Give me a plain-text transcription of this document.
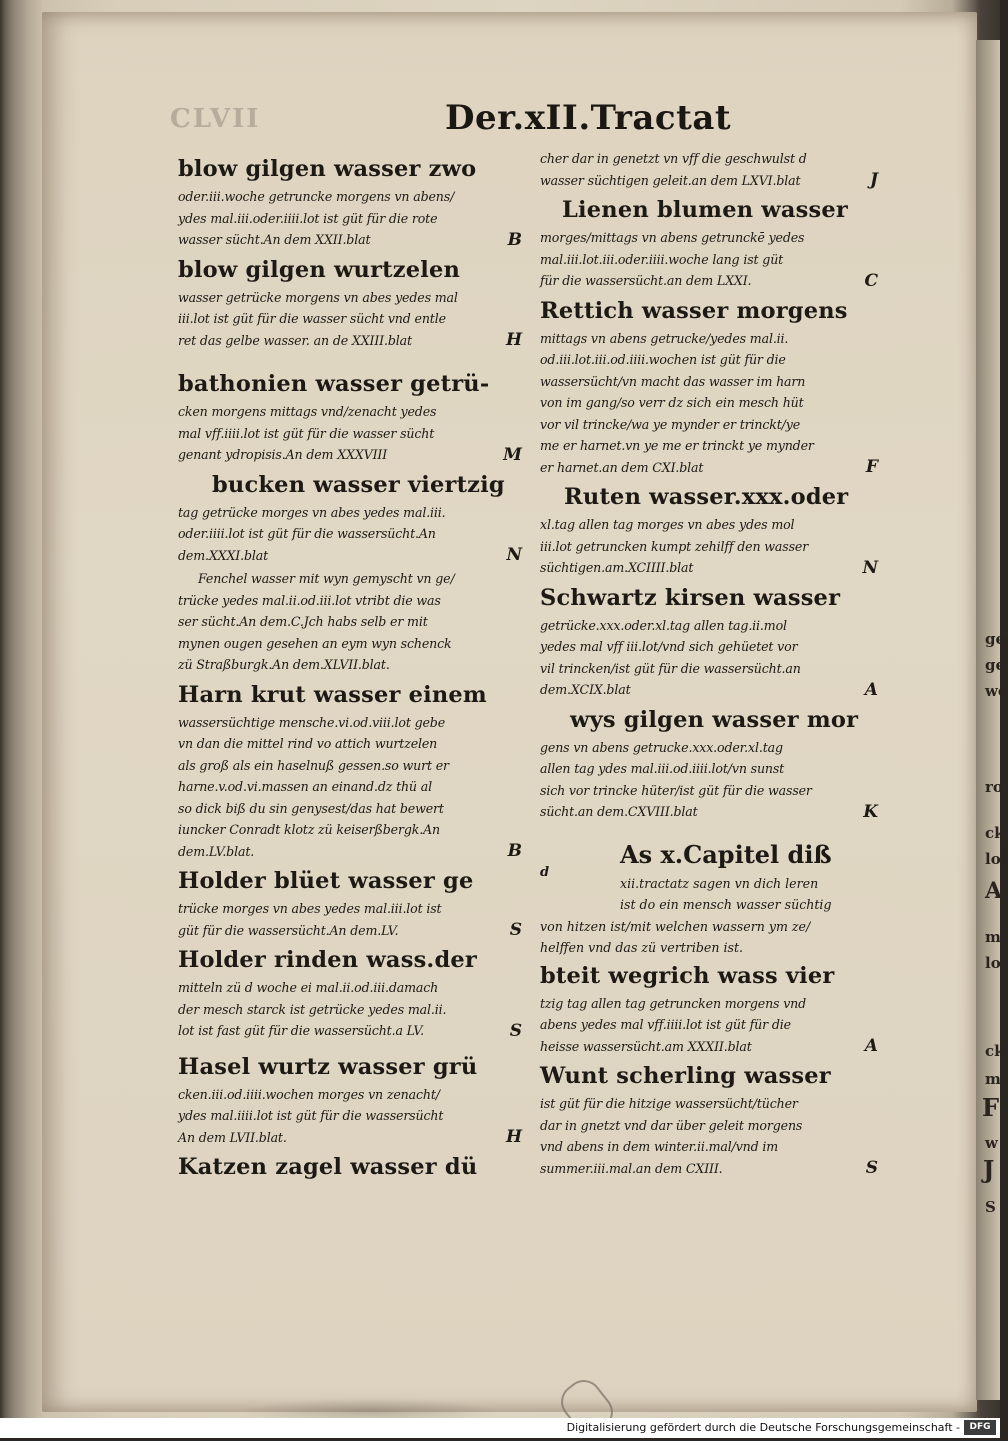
CLVII	Der.xII.Tractat
blow gilgen wasser zwo
oder.iii.woche getruncke morgens vn abens/
ydes mal.iii.oder.iiii.lot ist güt für die rote
wasser sücht.An dem XXII.blat	B
blow gilgen wurtzelen
wasser getrücke morgens vn abes yedes mal
iii.lot ist güt für die wasser sücht vnd entle
ret das gelbe wasser. an de XXIII.blat	H
bathonien wasser getrü-
cken morgens mittags vnd/zenacht yedes
mal vff.iiii.lot ist güt für die wasser sücht
genant ydropisis.An dem XXXVIII	M
bucken wasser viertzig
tag getrücke morges vn abes yedes mal.iii.
oder.iiii.lot ist güt für die wassersücht.An
dem.XXXI.blat	N
Fenchel wasser mit wyn gemyscht vn ge/
trücke yedes mal.ii.od.iii.lot vtribt die was
ser sücht.An dem.C.Jch habs selb er mit
mynen ougen gesehen an eym wyn schenck
zü Straßburgk.An dem.XLVII.blat.
Harn krut wasser einem
wassersüchtige mensche.vi.od.viii.lot gebe
vn dan die mittel rind vo attich wurtzelen
als groß als ein haselnuß gessen.so wurt er
harne.v.od.vi.massen an einand.dz thü al
so dick biß du sin genysest/das hat bewert
iuncker Conradt klotz zü keiserßbergk.An
dem.LV.blat.	B
Holder blüet wasser ge
trücke morges vn abes yedes mal.iii.lot ist
güt für die wassersücht.An dem.LV.	S
Holder rinden wass.der
mitteln zü d woche ei mal.ii.od.iii.damach
der mesch starck ist getrücke yedes mal.ii.
lot ist fast güt für die wassersücht.a LV.	S
Hasel wurtz wasser grü
cken.iii.od.iiii.wochen morges vn zenacht/
ydes mal.iiii.lot ist güt für die wassersücht
An dem LVII.blat.	H
Katzen zagel wasser dü
cher dar in genetzt vn vff die geschwulst d
wasser süchtigen geleit.an dem LXVI.blat	J
Lienen blumen wasser
morges/mittags vn abens getrunckē yedes
mal.iii.lot.iii.oder.iiii.woche lang ist güt
für die wassersücht.an dem LXXI.	C
Rettich wasser morgens
mittags vn abens getrucke/yedes mal.ii.
od.iii.lot.iii.od.iiii.wochen ist güt für die
wassersücht/vn macht das wasser im harn
von im gang/so verr dz sich ein mesch hüt
vor vil trincke/wa ye mynder er trinckt/ye
me er harnet.vn ye me er trinckt ye mynder
er harnet.an dem CXI.blat	F
Ruten wasser.xxx.oder
xl.tag allen tag morges vn abes ydes mol
iii.lot getruncken kumpt zehilff den wasser
süchtigen.am.XCIIII.blat	N
Schwartz kirsen wasser
getrücke.xxx.oder.xl.tag allen tag.ii.mol
yedes mal vff iii.lot/vnd sich gehüetet vor
vil trincken/ist güt für die wassersücht.an
dem.XCIX.blat	A
wys gilgen wasser mor
gens vn abens getrucke.xxx.oder.xl.tag
allen tag ydes mal.iii.od.iiii.lot/vn sunst
sich vor trincke hüter/ist güt für die wasser
sücht.an dem.CXVIII.blat	K
d
As x.Capitel diß
xii.tractatz sagen vn dich leren
ist do ein mensch wasser süchtig
von hitzen ist/mit welchen wassern ym ze/
helffen vnd das zü vertriben ist.
bteit wegrich wass vier
tzig tag allen tag getruncken morgens vnd
abens yedes mal vff.iiii.lot ist güt für die
heisse wassersücht.am XXXII.blat	A
Wunt scherling wasser
ist güt für die hitzige wassersücht/tücher
dar in gnetzt vnd dar über geleit morgens
vnd abens in dem winter.ii.mal/vnd im
summer.iii.mal.an dem CXIII.	S
ge
ge
we
ro
ck
lot
A
m
lo
ck
m
F
w
J
S
Digitalisierung gefördert durch die Deutsche Forschungsgemeinschaft -	DFG
